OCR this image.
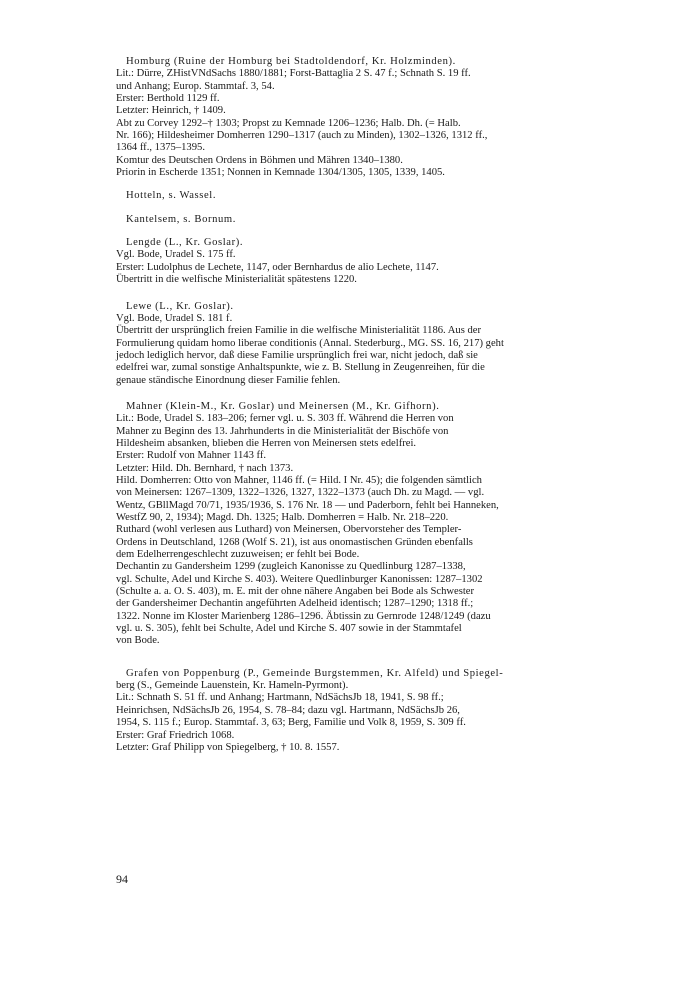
Homburg (Ruine der Homburg bei Stadtoldendorf, Kr. Holzminden).
Lit.: Dürre, ZHistVNdSachs 1880/1881; Forst-Battaglia 2 S. 47 f.; Schnath S. 19 ff.
und Anhang; Europ. Stammtaf. 3, 54.
Erster: Berthold 1129 ff.
Letzter: Heinrich, † 1409.
Abt zu Corvey 1292–† 1303; Propst zu Kemnade 1206–1236; Halb. Dh. (= Halb.
Nr. 166); Hildesheimer Domherren 1290–1317 (auch zu Minden), 1302–1326, 1312 ff.,
1364 ff., 1375–1395.
Komtur des Deutschen Ordens in Böhmen und Mähren 1340–1380.
Priorin in Escherde 1351; Nonnen in Kemnade 1304/1305, 1305, 1339, 1405.
Hotteln, s. Wassel.
Kantelsem, s. Bornum.
Lengde (L., Kr. Goslar).
Vgl. Bode, Uradel S. 175 ff.
Erster: Ludolphus de Lechete, 1147, oder Bernhardus de alio Lechete, 1147.
Übertritt in die welfische Ministerialität spätestens 1220.
Lewe (L., Kr. Goslar).
Vgl. Bode, Uradel S. 181 f.
Übertritt der ursprünglich freien Familie in die welfische Ministerialität 1186. Aus der
Formulierung quidam homo liberae conditionis (Annal. Stederburg., MG. SS. 16, 217) geht
jedoch lediglich hervor, daß diese Familie ursprünglich frei war, nicht jedoch, daß sie
edelfrei war, zumal sonstige Anhaltspunkte, wie z. B. Stellung in Zeugenreihen, für die
genaue ständische Einordnung dieser Familie fehlen.
Mahner (Klein-M., Kr. Goslar) und Meinersen (M., Kr. Gifhorn).
Lit.: Bode, Uradel S. 183–206; ferner vgl. u. S. 303 ff. Während die Herren von
Mahner zu Beginn des 13. Jahrhunderts in die Ministerialität der Bischöfe von
Hildesheim absanken, blieben die Herren von Meinersen stets edelfrei.
Erster: Rudolf von Mahner 1143 ff.
Letzter: Hild. Dh. Bernhard, † nach 1373.
Hild. Domherren: Otto von Mahner, 1146 ff. (= Hild. I Nr. 45); die folgenden sämtlich
von Meinersen: 1267–1309, 1322–1326, 1327, 1322–1373 (auch Dh. zu Magd. — vgl.
Wentz, GBllMagd 70/71, 1935/1936, S. 176 Nr. 18 — und Paderborn, fehlt bei Hanneken,
WestfZ 90, 2, 1934); Magd. Dh. 1325; Halb. Domherren = Halb. Nr. 218–220.
Ruthard (wohl verlesen aus Luthard) von Meinersen, Obervorsteher des Templer-
Ordens in Deutschland, 1268 (Wolf S. 21), ist aus onomastischen Gründen ebenfalls
dem Edelherrengeschlecht zuzuweisen; er fehlt bei Bode.
Dechantin zu Gandersheim 1299 (zugleich Kanonisse zu Quedlinburg 1287–1338,
vgl. Schulte, Adel und Kirche S. 403). Weitere Quedlinburger Kanonissen: 1287–1302
(Schulte a. a. O. S. 403), m. E. mit der ohne nähere Angaben bei Bode als Schwester
der Gandersheimer Dechantin angeführten Adelheid identisch; 1287–1290; 1318 ff.;
1322. Nonne im Kloster Marienberg 1286–1296. Äbtissin zu Gernrode 1248/1249 (dazu
vgl. u. S. 305), fehlt bei Schulte, Adel und Kirche S. 407 sowie in der Stammtafel
von Bode.
Grafen von Poppenburg (P., Gemeinde Burgstemmen, Kr. Alfeld) und Spiegel-
berg (S., Gemeinde Lauenstein, Kr. Hameln-Pyrmont).
Lit.: Schnath S. 51 ff. und Anhang; Hartmann, NdSächsJb 18, 1941, S. 98 ff.;
Heinrichsen, NdSächsJb 26, 1954, S. 78–84; dazu vgl. Hartmann, NdSächsJb 26,
1954, S. 115 f.; Europ. Stammtaf. 3, 63; Berg, Familie und Volk 8, 1959, S. 309 ff.
Erster: Graf Friedrich 1068.
Letzter: Graf Philipp von Spiegelberg, † 10. 8. 1557.
94
